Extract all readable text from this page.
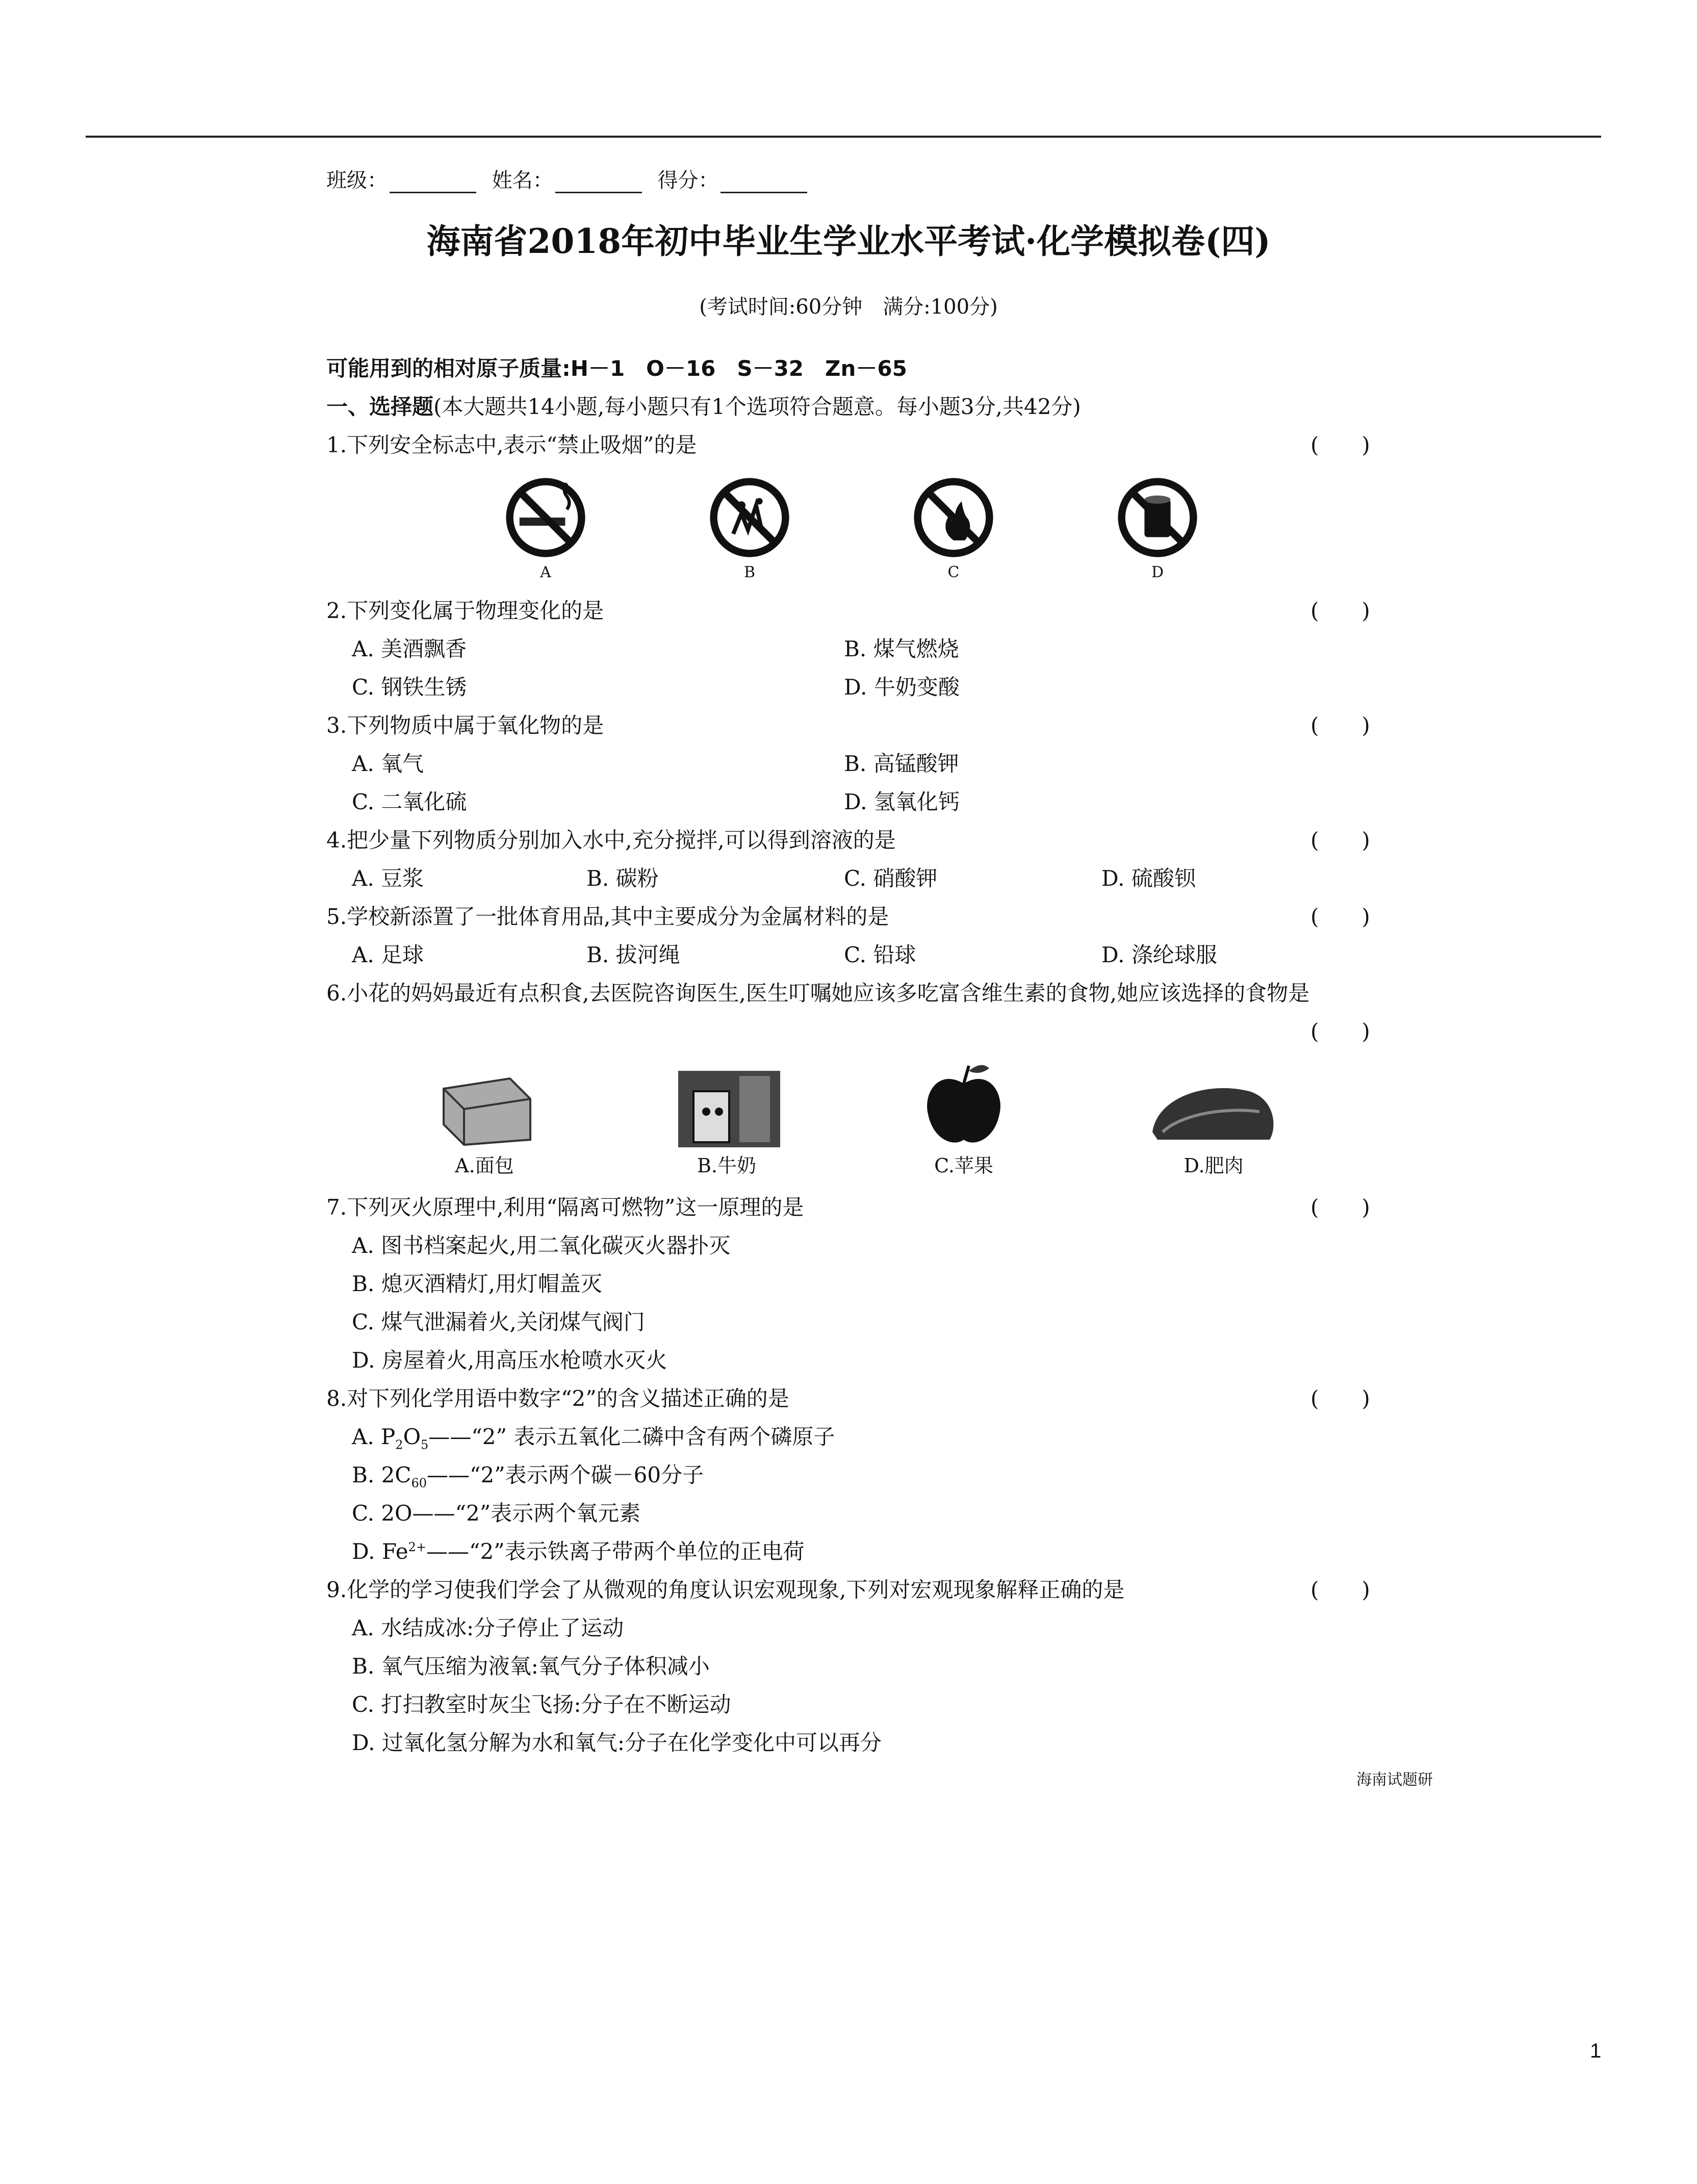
班级：	姓名：	得分：
海南省2018年初中毕业生学业水平考试·化学模拟卷(四)
(考试时间:60分钟　满分:100分)
可能用到的相对原子质量:H－1　O－16　S－32　Zn－65
一、选择题(本大题共14小题,每小题只有1个选项符合题意。每小题3分,共42分)
1.下列安全标志中,表示“禁止吸烟”的是	(　　)
A	B	C	D
2.下列变化属于物理变化的是	(　　)
A. 美酒飘香	B. 煤气燃烧
C. 钢铁生锈	D. 牛奶变酸
3.下列物质中属于氧化物的是	(　　)
A. 氧气	B. 高锰酸钾
C. 二氧化硫	D. 氢氧化钙
4.把少量下列物质分别加入水中,充分搅拌,可以得到溶液的是	(　　)
A. 豆浆	B. 碳粉	C. 硝酸钾	D. 硫酸钡
5.学校新添置了一批体育用品,其中主要成分为金属材料的是	(　　)
A. 足球	B. 拔河绳	C. 铅球	D. 涤纶球服
6.小花的妈妈最近有点积食,去医院咨询医生,医生叮嘱她应该多吃富含维生素的食物,她应该选择的食物是
(　　)
A.面包	B.牛奶	C.苹果	D.肥肉
7.下列灭火原理中,利用“隔离可燃物”这一原理的是	(　　)
A. 图书档案起火,用二氧化碳灭火器扑灭
B. 熄灭酒精灯,用灯帽盖灭
C. 煤气泄漏着火,关闭煤气阀门
D. 房屋着火,用高压水枪喷水灭火
8.对下列化学用语中数字“2”的含义描述正确的是	(　　)
A. $P_2O_5——“2$” 表示五氧化二磷中含有两个磷原子
B. $2C_{60}——“2$”表示两个碳－60分子
C. 2O——“2”表示两个氧元素
D. $Fe^{2+}——“2$”表示铁离子带两个单位的正电荷
9.化学的学习使我们学会了从微观的角度认识宏观现象,下列对宏观现象解释正确的是	(　　)
A. 水结成冰:分子停止了运动
B. 氧气压缩为液氧:氧气分子体积减小
C. 打扫教室时灰尘飞扬:分子在不断运动
D. 过氧化氢分解为水和氧气:分子在化学变化中可以再分
海南试题研
1
